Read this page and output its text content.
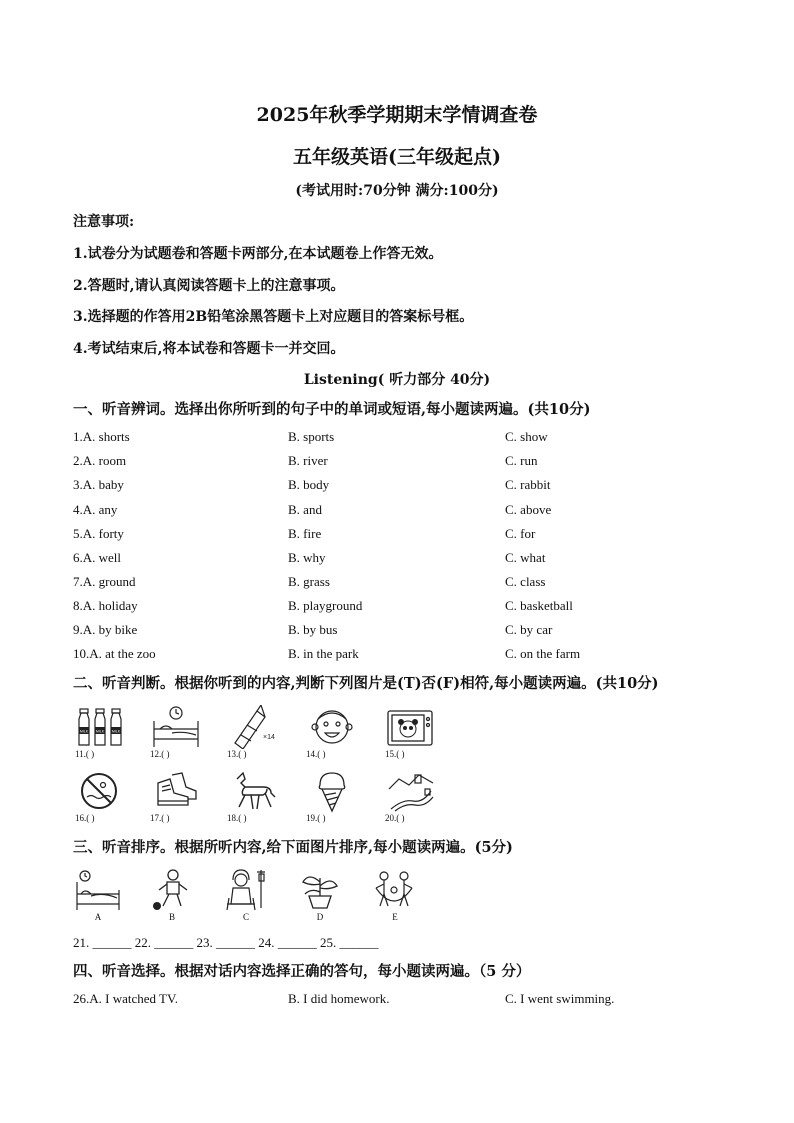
2025年秋季学期期末学情调查卷
五年级英语(三年级起点)
(考试用时:70分钟 满分:100分)
注意事项:
1.试卷分为试题卷和答题卡两部分,在本试题卷上作答无效。
2.答题时,请认真阅读答题卡上的注意事项。
3.选择题的作答用2B铅笔涂黑答题卡上对应题目的答案标号框。
4.考试结束后,将本试卷和答题卡一并交回。
Listening( 听力部分 40分)
一、听音辨词。选择出你所听到的句子中的单词或短语,每小题读两遍。(共10分)
1.A. shorts	B. sports	C. show
2.A. room	B. river	C. run
3.A. baby	B. body	C. rabbit
4.A. any	B. and	C. above
5.A. forty	B. fire	C. for
6.A. well	B. why	C. what
7.A. ground	B. grass	C. class
8.A. holiday	B. playground	C. basketball
9.A. by bike	B. by bus	C. by car
10.A. at the zoo	B. in the park	C. on the farm
二、听音判断。根据你听到的内容,判断下列图片是(T)否(F)相符,每小题读两遍。(共10分)
MILK MILK MILK
11.( )	12.( )
×14
13.( )	14.( )	15.( )
16.( )	17.( )	18.( )	19.( )	20.( )
三、听音排序。根据所听内容,给下面图片排序,每小题读两遍。(5分)
A	B	C	D	E
21. ______ 22. ______ 23. ______ 24. ______ 25. ______
四、听音选择。根据对话内容选择正确的答句，每小题读两遍。（5 分）
26.A. I watched TV.	B. I did homework.	C. I went swimming.
